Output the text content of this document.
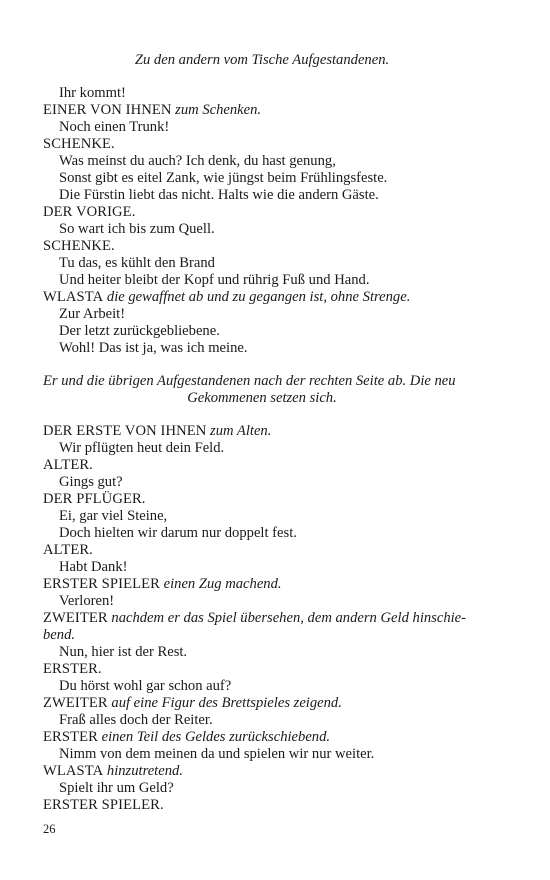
Zu den andern vom Tische Aufgestandenen.
Ihr kommt!
EINER VON IHNEN zum Schenken.
Noch einen Trunk!
SCHENKE.
Was meinst du auch? Ich denk, du hast genung,
Sonst gibt es eitel Zank, wie jüngst beim Frühlingsfeste.
Die Fürstin liebt das nicht. Halts wie die andern Gäste.
DER VORIGE.
So wart ich bis zum Quell.
SCHENKE.
Tu das, es kühlt den Brand
Und heiter bleibt der Kopf und rührig Fuß und Hand.
WLASTA die gewaffnet ab und zu gegangen ist, ohne Strenge.
Zur Arbeit!
Der letzt zurückgebliebene.
Wohl! Das ist ja, was ich meine.
Er und die übrigen Aufgestandenen nach der rechten Seite ab. Die neu
Gekommenen setzen sich.
DER ERSTE VON IHNEN zum Alten.
Wir pflügten heut dein Feld.
ALTER.
Gings gut?
DER PFLÜGER.
Ei, gar viel Steine,
Doch hielten wir darum nur doppelt fest.
ALTER.
Habt Dank!
ERSTER SPIELER einen Zug machend.
Verloren!
ZWEITER nachdem er das Spiel übersehen, dem andern Geld hinschie-
bend.
Nun, hier ist der Rest.
ERSTER.
Du hörst wohl gar schon auf?
ZWEITER auf eine Figur des Brettspieles zeigend.
Fraß alles doch der Reiter.
ERSTER einen Teil des Geldes zurückschiebend.
Nimm von dem meinen da und spielen wir nur weiter.
WLASTA hinzutretend.
Spielt ihr um Geld?
ERSTER SPIELER.
26
